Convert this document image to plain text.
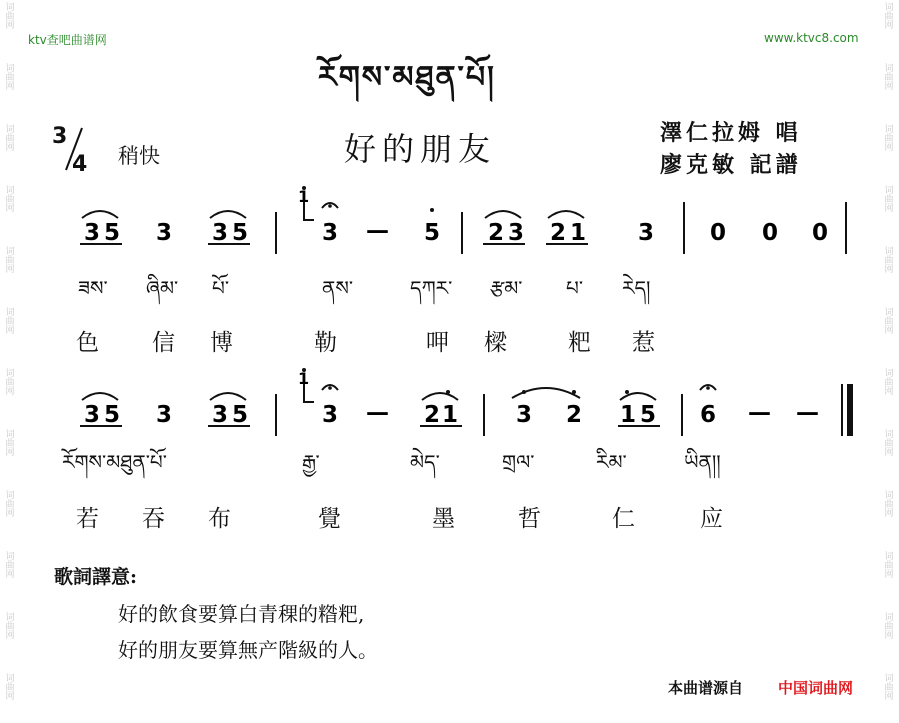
词
曲
网
词
曲
网
词
曲
网
词
曲
网
词
曲
网
词
曲
网
词
曲
网
词
曲
网
词
曲
网
词
曲
网
词
曲
网
词
曲
网
词
曲
网
词
曲
网
词
曲
网
词
曲
网
词
曲
网
词
曲
网
词
曲
网
词
曲
网
词
曲
网
词
曲
网
词
曲
网
词
曲
网
ktv查吧曲谱网	www.ktvc8.com
རོགས་མཐུན་པོ།
3
4 稍快	好的朋友	澤仁拉姆 唱
廖克敏 記譜
3 5 3 3 5
1
3 — 5 2 3 2 1 3 0 0 0
ཟས་ ཞིམ་ པོ་	ནས་	དཀར་ རྩམ་ པ་ རེད།
色 信 博	勒	呷 樑	粑 惹
3 5 3 3 5
1
3 — 2 1	3 2 1 5 6 — —
རོགས་མཐུན་པོ་	རྒྱ་	མེད་	གྲལ་	རིམ་	ཡིན།།
若 吞 布	覺	墨	哲	仁	应
歌詞譯意:
好的飲食要算白青稞的糌粑,
好的朋友要算無产階級的人。
本曲谱源自 中国词曲网
